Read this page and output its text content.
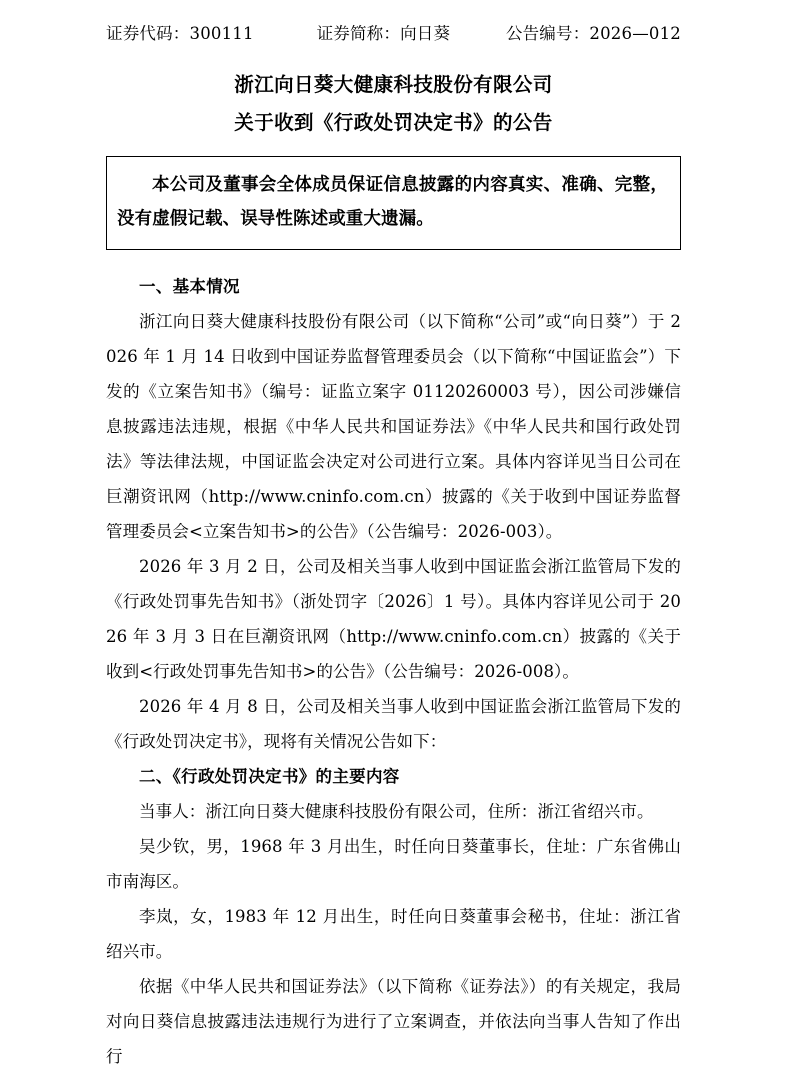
证券代码：300111	证券简称：向日葵	公告编号：2026—012
浙江向日葵大健康科技股份有限公司
关于收到《行政处罚决定书》的公告
本公司及董事会全体成员保证信息披露的内容真实、准确、完整，没有虚假记载、误导性陈述或重大遗漏。
一、基本情况
浙江向日葵大健康科技股份有限公司（以下简称“公司”或“向日葵”）于 2026 年 1 月 14 日收到中国证券监督管理委员会（以下简称“中国证监会”）下发的《立案告知书》（编号：证监立案字 01120260003 号），因公司涉嫌信息披露违法违规，根据《中华人民共和国证券法》《中华人民共和国行政处罚法》等法律法规，中国证监会决定对公司进行立案。具体内容详见当日公司在巨潮资讯网（http://www.cninfo.com.cn）披露的《关于收到中国证券监督管理委员会<立案告知书>的公告》（公告编号：2026-003）。
2026 年 3 月 2 日，公司及相关当事人收到中国证监会浙江监管局下发的《行政处罚事先告知书》（浙处罚字〔2026〕1 号）。具体内容详见公司于 2026 年 3 月 3 日在巨潮资讯网（http://www.cninfo.com.cn）披露的《关于收到<行政处罚事先告知书>的公告》（公告编号：2026-008）。
2026 年 4 月 8 日，公司及相关当事人收到中国证监会浙江监管局下发的《行政处罚决定书》，现将有关情况公告如下：
二、《行政处罚决定书》的主要内容
当事人：浙江向日葵大健康科技股份有限公司，住所：浙江省绍兴市。
吴少钦，男，1968 年 3 月出生，时任向日葵董事长，住址：广东省佛山市南海区。
李岚，女，1983 年 12 月出生，时任向日葵董事会秘书，住址：浙江省绍兴市。
依据《中华人民共和国证券法》（以下简称《证券法》）的有关规定，我局对向日葵信息披露违法违规行为进行了立案调查，并依法向当事人告知了作出行
